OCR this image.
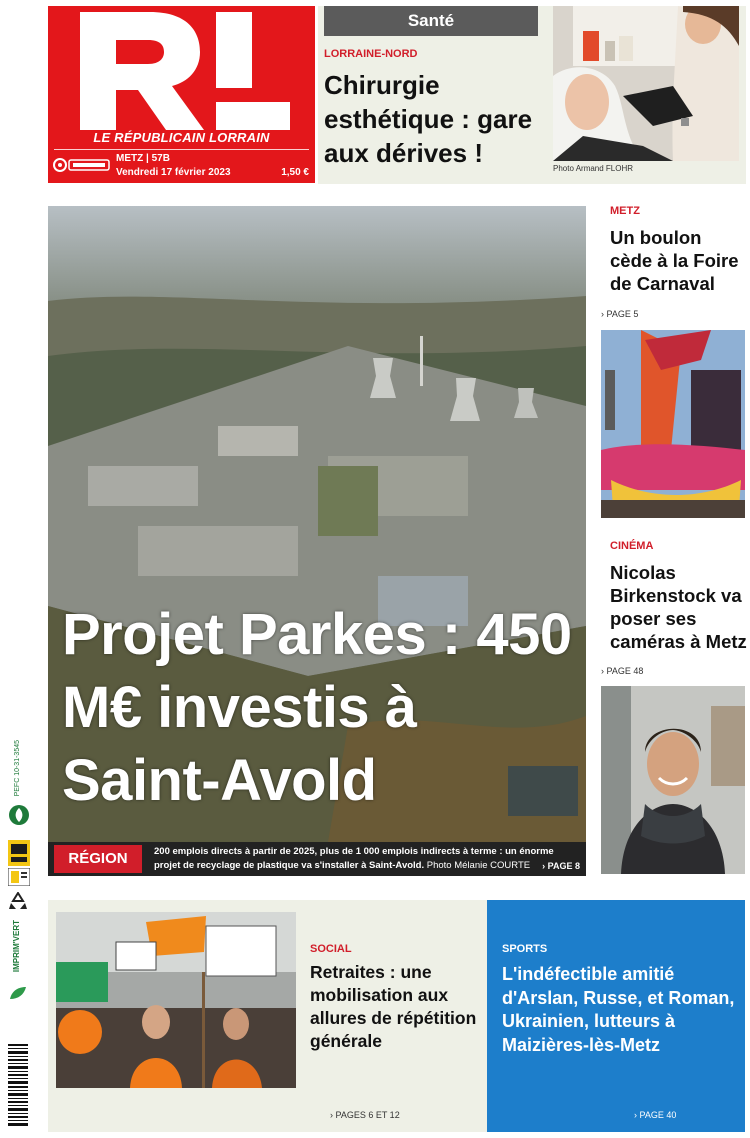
LE RÉPUBLICAIN LORRAIN
METZ | 57B
Vendredi 17 février 2023	1,50 €
Santé
LORRAINE-NORD
Chirurgie esthétique : gare aux dérives !
Photo Armand FLOHR
Projet Parkes : 450 M€ investis à Saint-Avold
RÉGION	200 emplois directs à partir de 2025, plus de 1 000 emplois indirects à terme : un énorme projet de recyclage de plastique va s'installer à Saint-Avold. Photo Mélanie COURTE	› PAGE 8
METZ
Un boulon cède à la Foire de Carnaval
› PAGE 5
CINÉMA
Nicolas Birkenstock va poser ses caméras à Metz
› PAGE 48
PEFC 10-31-3545
IMPRIM'VERT	SOCIAL
Retraites : une mobilisation aux allures de répétition générale
› PAGES 6 ET 12
SPORTS
L'indéfectible amitié d'Arslan, Russe, et Roman, Ukrainien, lutteurs à Maizières-lès-Metz
› PAGE 40
